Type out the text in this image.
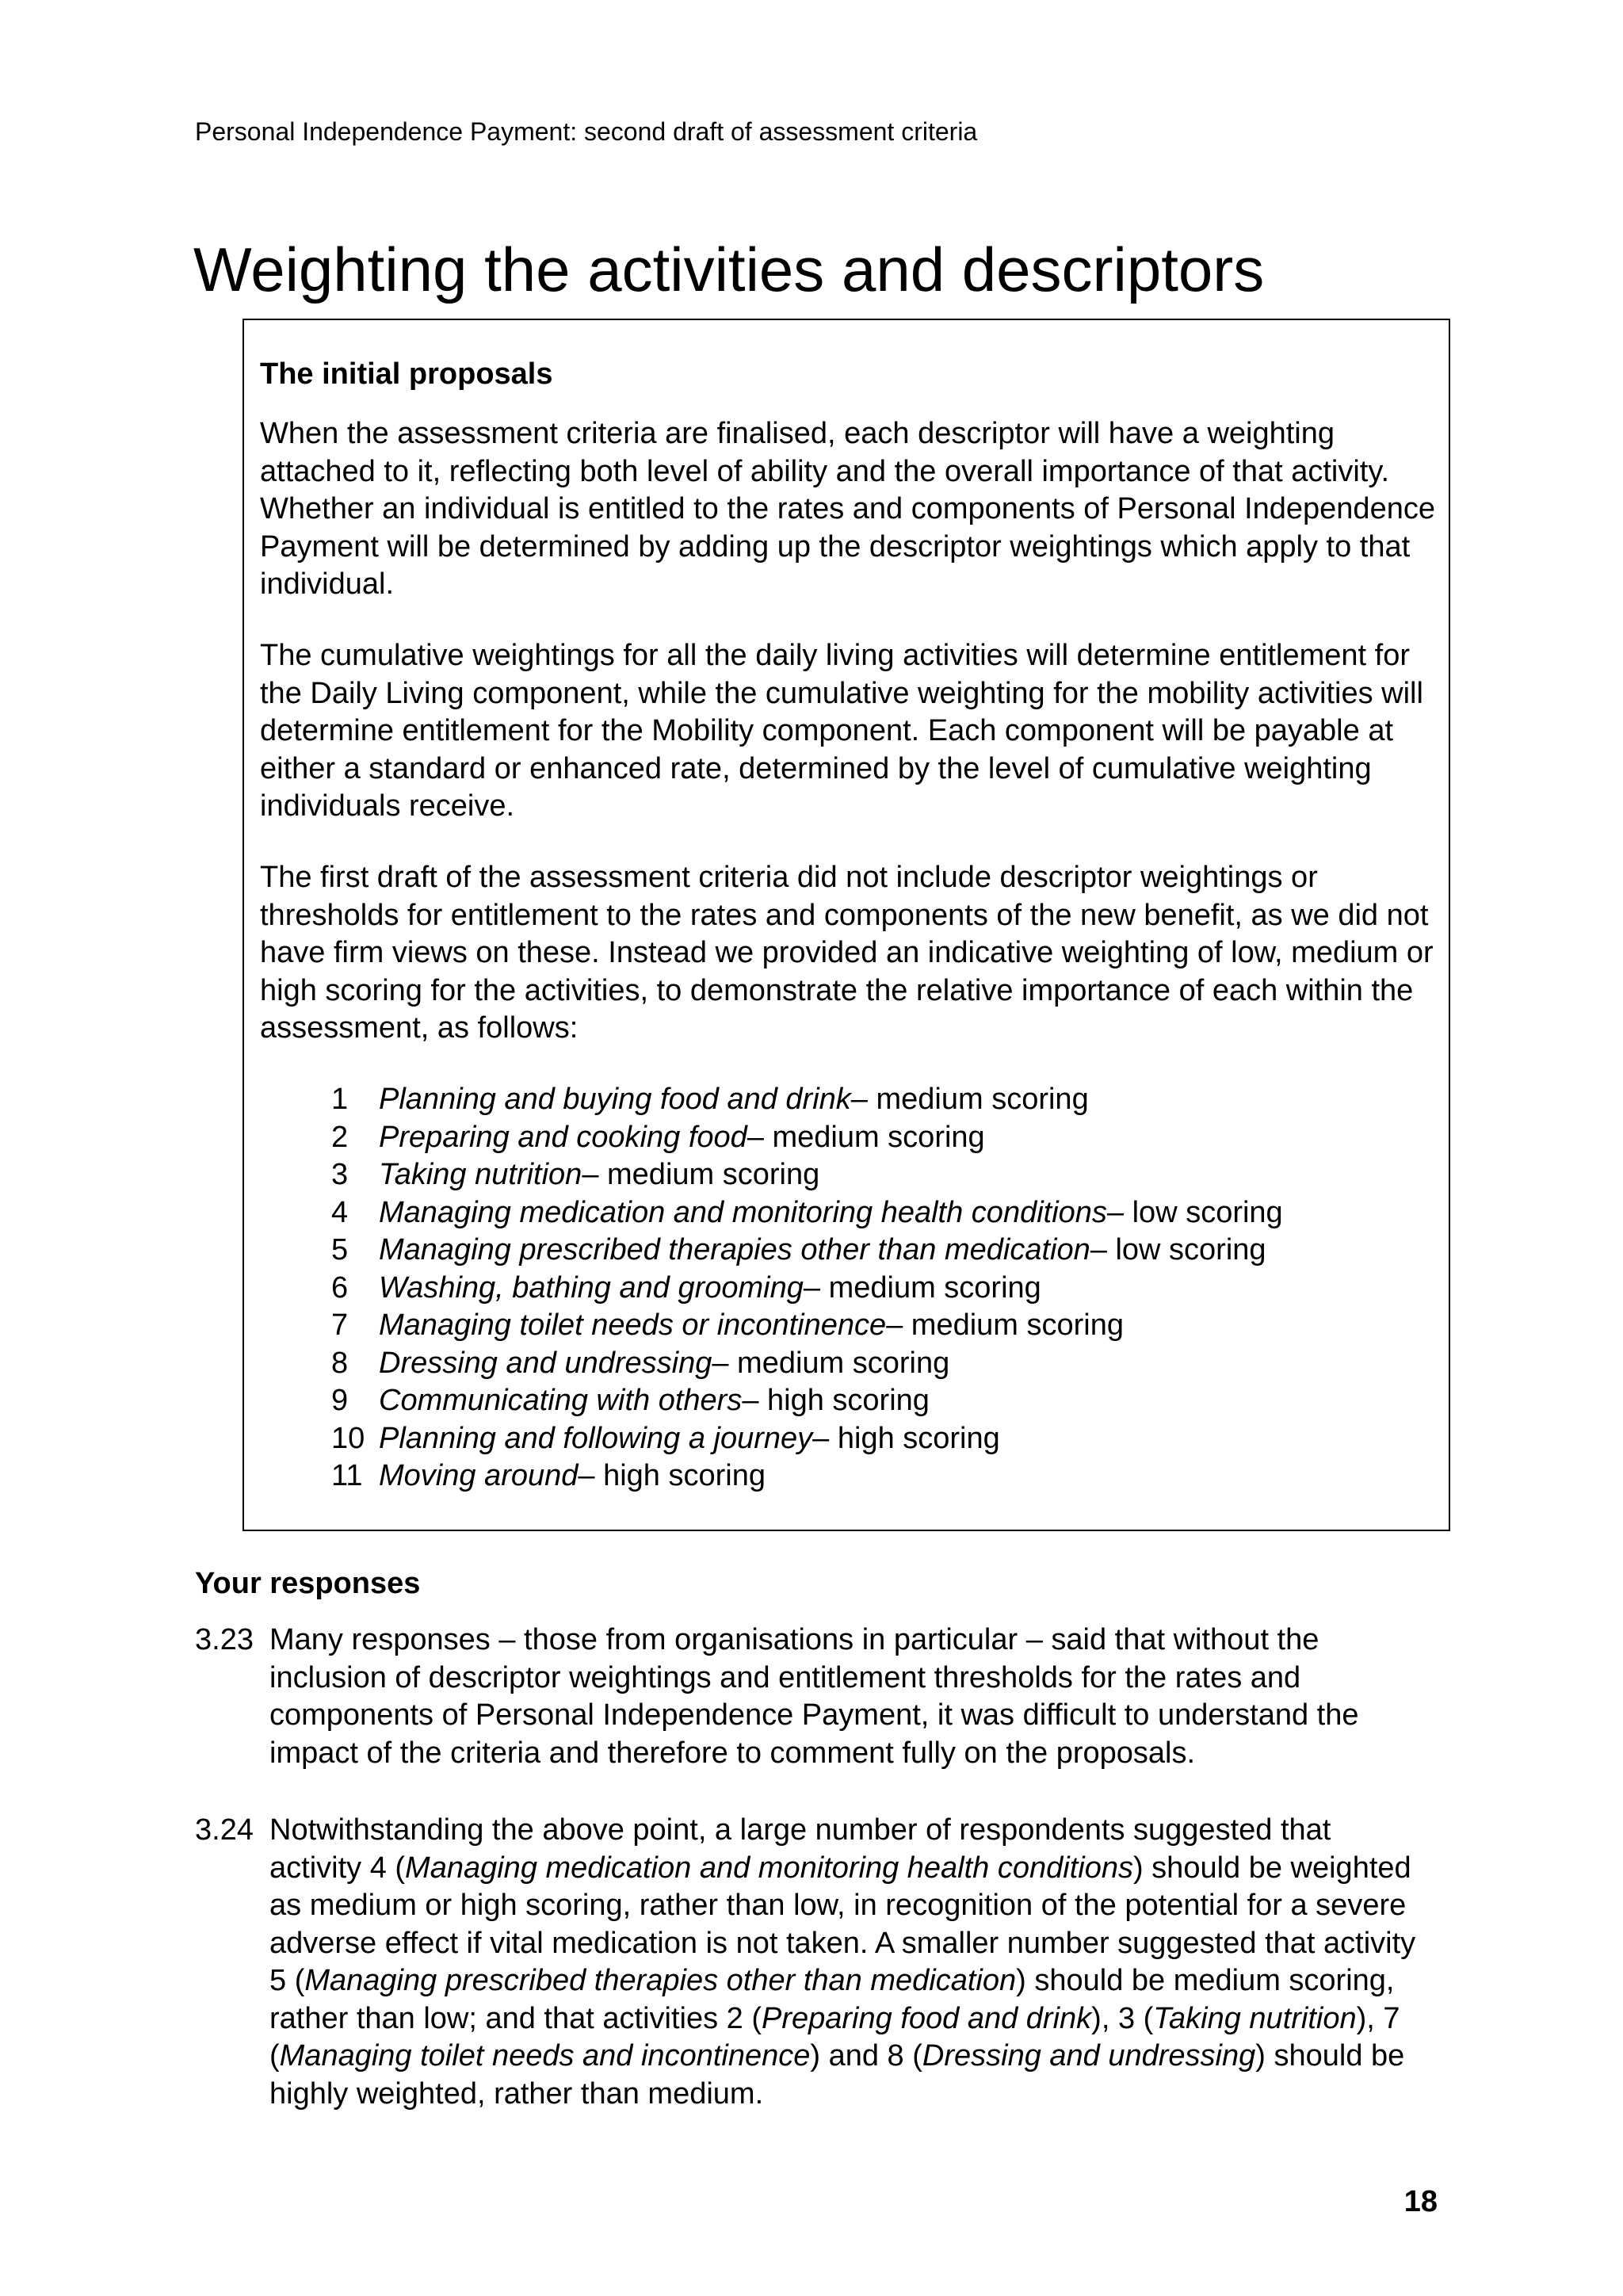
Personal Independence Payment: second draft of assessment criteria
Weighting the activities and descriptors
The initial proposals

When the assessment criteria are finalised, each descriptor will have a weighting attached to it, reflecting both level of ability and the overall importance of that activity. Whether an individual is entitled to the rates and components of Personal Independence Payment will be determined by adding up the descriptor weightings which apply to that individual.

The cumulative weightings for all the daily living activities will determine entitlement for the Daily Living component, while the cumulative weighting for the mobility activities will determine entitlement for the Mobility component. Each component will be payable at either a standard or enhanced rate, determined by the level of cumulative weighting individuals receive.

The first draft of the assessment criteria did not include descriptor weightings or thresholds for entitlement to the rates and components of the new benefit, as we did not have firm views on these. Instead we provided an indicative weighting of low, medium or high scoring for the activities, to demonstrate the relative importance of each within the assessment, as follows:

1	Planning and buying food and drink – medium scoring
2	Preparing and cooking food – medium scoring
3	Taking nutrition – medium scoring
4	Managing medication and monitoring health conditions – low scoring
5	Managing prescribed therapies other than medication – low scoring
6	Washing, bathing and grooming – medium scoring
7	Managing toilet needs or incontinence – medium scoring
8	Dressing and undressing – medium scoring
9	Communicating with others – high scoring
10 Planning and following a journey – high scoring
11 Moving around – high scoring
Your responses
3.23 Many responses – those from organisations in particular – said that without the inclusion of descriptor weightings and entitlement thresholds for the rates and components of Personal Independence Payment, it was difficult to understand the impact of the criteria and therefore to comment fully on the proposals.
3.24 Notwithstanding the above point, a large number of respondents suggested that activity 4 (Managing medication and monitoring health conditions) should be weighted as medium or high scoring, rather than low, in recognition of the potential for a severe adverse effect if vital medication is not taken. A smaller number suggested that activity 5 (Managing prescribed therapies other than medication) should be medium scoring, rather than low; and that activities 2 (Preparing food and drink), 3 (Taking nutrition), 7 (Managing toilet needs and incontinence) and 8 (Dressing and undressing) should be highly weighted, rather than medium.
18
